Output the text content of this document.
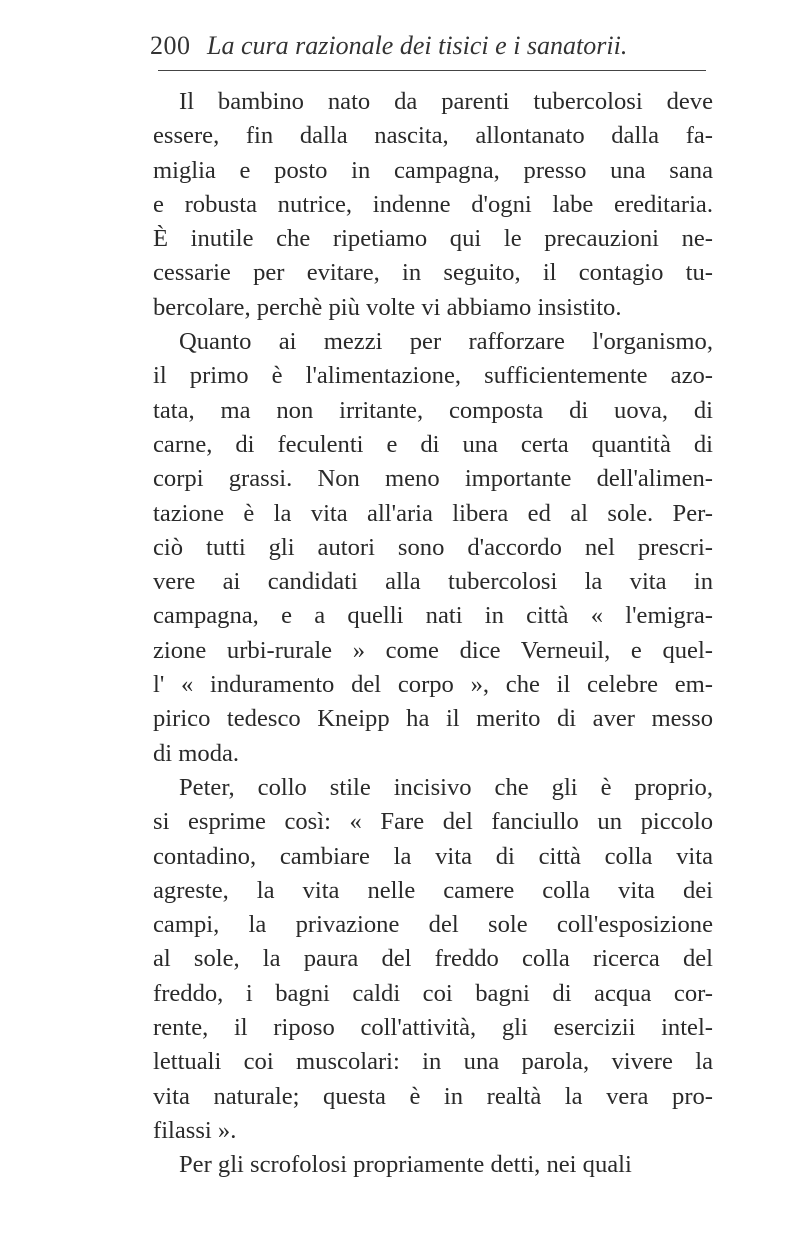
200 La cura razionale dei tisici e i sanatorii.
Il bambino nato da parenti tubercolosi deve
essere, fin dalla nascita, allontanato dalla fa-
miglia e posto in campagna, presso una sana
e robusta nutrice, indenne d'ogni labe ereditaria.
È inutile che ripetiamo qui le precauzioni ne-
cessarie per evitare, in seguito, il contagio tu-
bercolare, perchè più volte vi abbiamo insistito.
Quanto ai mezzi per rafforzare l'organismo,
il primo è l'alimentazione, sufficientemente azo-
tata, ma non irritante, composta di uova, di
carne, di feculenti e di una certa quantità di
corpi grassi. Non meno importante dell'alimen-
tazione è la vita all'aria libera ed al sole. Per-
ciò tutti gli autori sono d'accordo nel prescri-
vere ai candidati alla tubercolosi la vita in
campagna, e a quelli nati in città « l'emigra-
zione urbi-rurale » come dice Verneuil, e quel-
l' « induramento del corpo », che il celebre em-
pirico tedesco Kneipp ha il merito di aver messo
di moda.
Peter, collo stile incisivo che gli è proprio,
si esprime così: « Fare del fanciullo un piccolo
contadino, cambiare la vita di città colla vita
agreste, la vita nelle camere colla vita dei
campi, la privazione del sole coll'esposizione
al sole, la paura del freddo colla ricerca del
freddo, i bagni caldi coi bagni di acqua cor-
rente, il riposo coll'attività, gli esercizii intel-
lettuali coi muscolari: in una parola, vivere la
vita naturale; questa è in realtà la vera pro-
filassi ».
Per gli scrofolosi propriamente detti, nei quali
